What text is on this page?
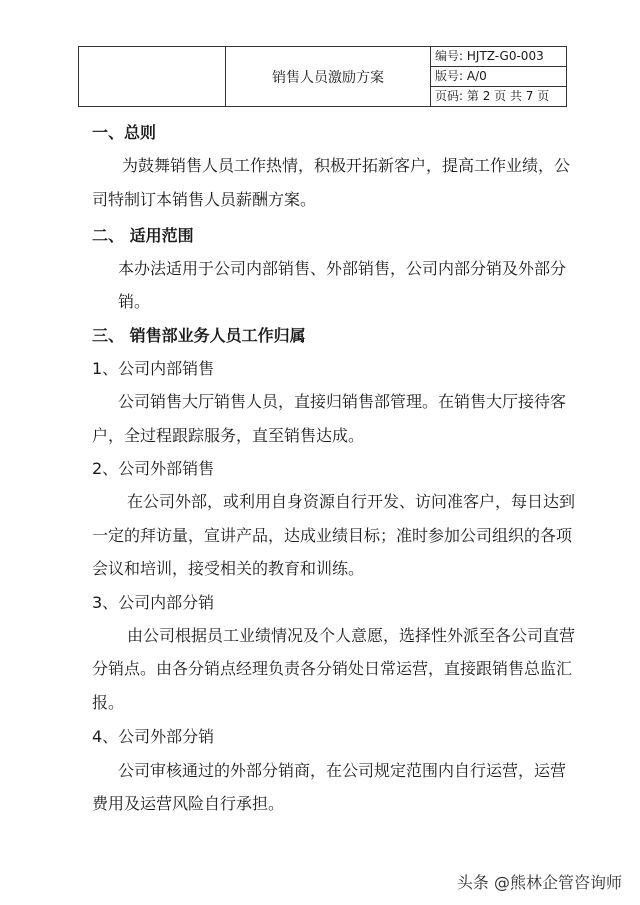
	销售人员激励方案	
编号: HJTZ-G0-003

版号: A/0

页码: 第 2 页 共 7 页
一、总则
为鼓舞销售人员工作热情，积极开拓新客户，提高工作业绩，公
司特制订本销售人员薪酬方案。
二、 适用范围
本办法适用于公司内部销售、外部销售，公司内部分销及外部分
销。
三、 销售部业务人员工作归属
1、公司内部销售
公司销售大厅销售人员，直接归销售部管理。在销售大厅接待客
户，全过程跟踪服务，直至销售达成。
2、公司外部销售
在公司外部，或利用自身资源自行开发、访问准客户，每日达到
一定的拜访量，宣讲产品，达成业绩目标；准时参加公司组织的各项
会议和培训，接受相关的教育和训练。
3、公司内部分销
由公司根据员工业绩情况及个人意愿，选择性外派至各公司直营
分销点。由各分销点经理负责各分销处日常运营，直接跟销售总监汇
报。
4、公司外部分销
公司审核通过的外部分销商，在公司规定范围内自行运营，运营
费用及运营风险自行承担。
头条 @熊林企管咨询师
